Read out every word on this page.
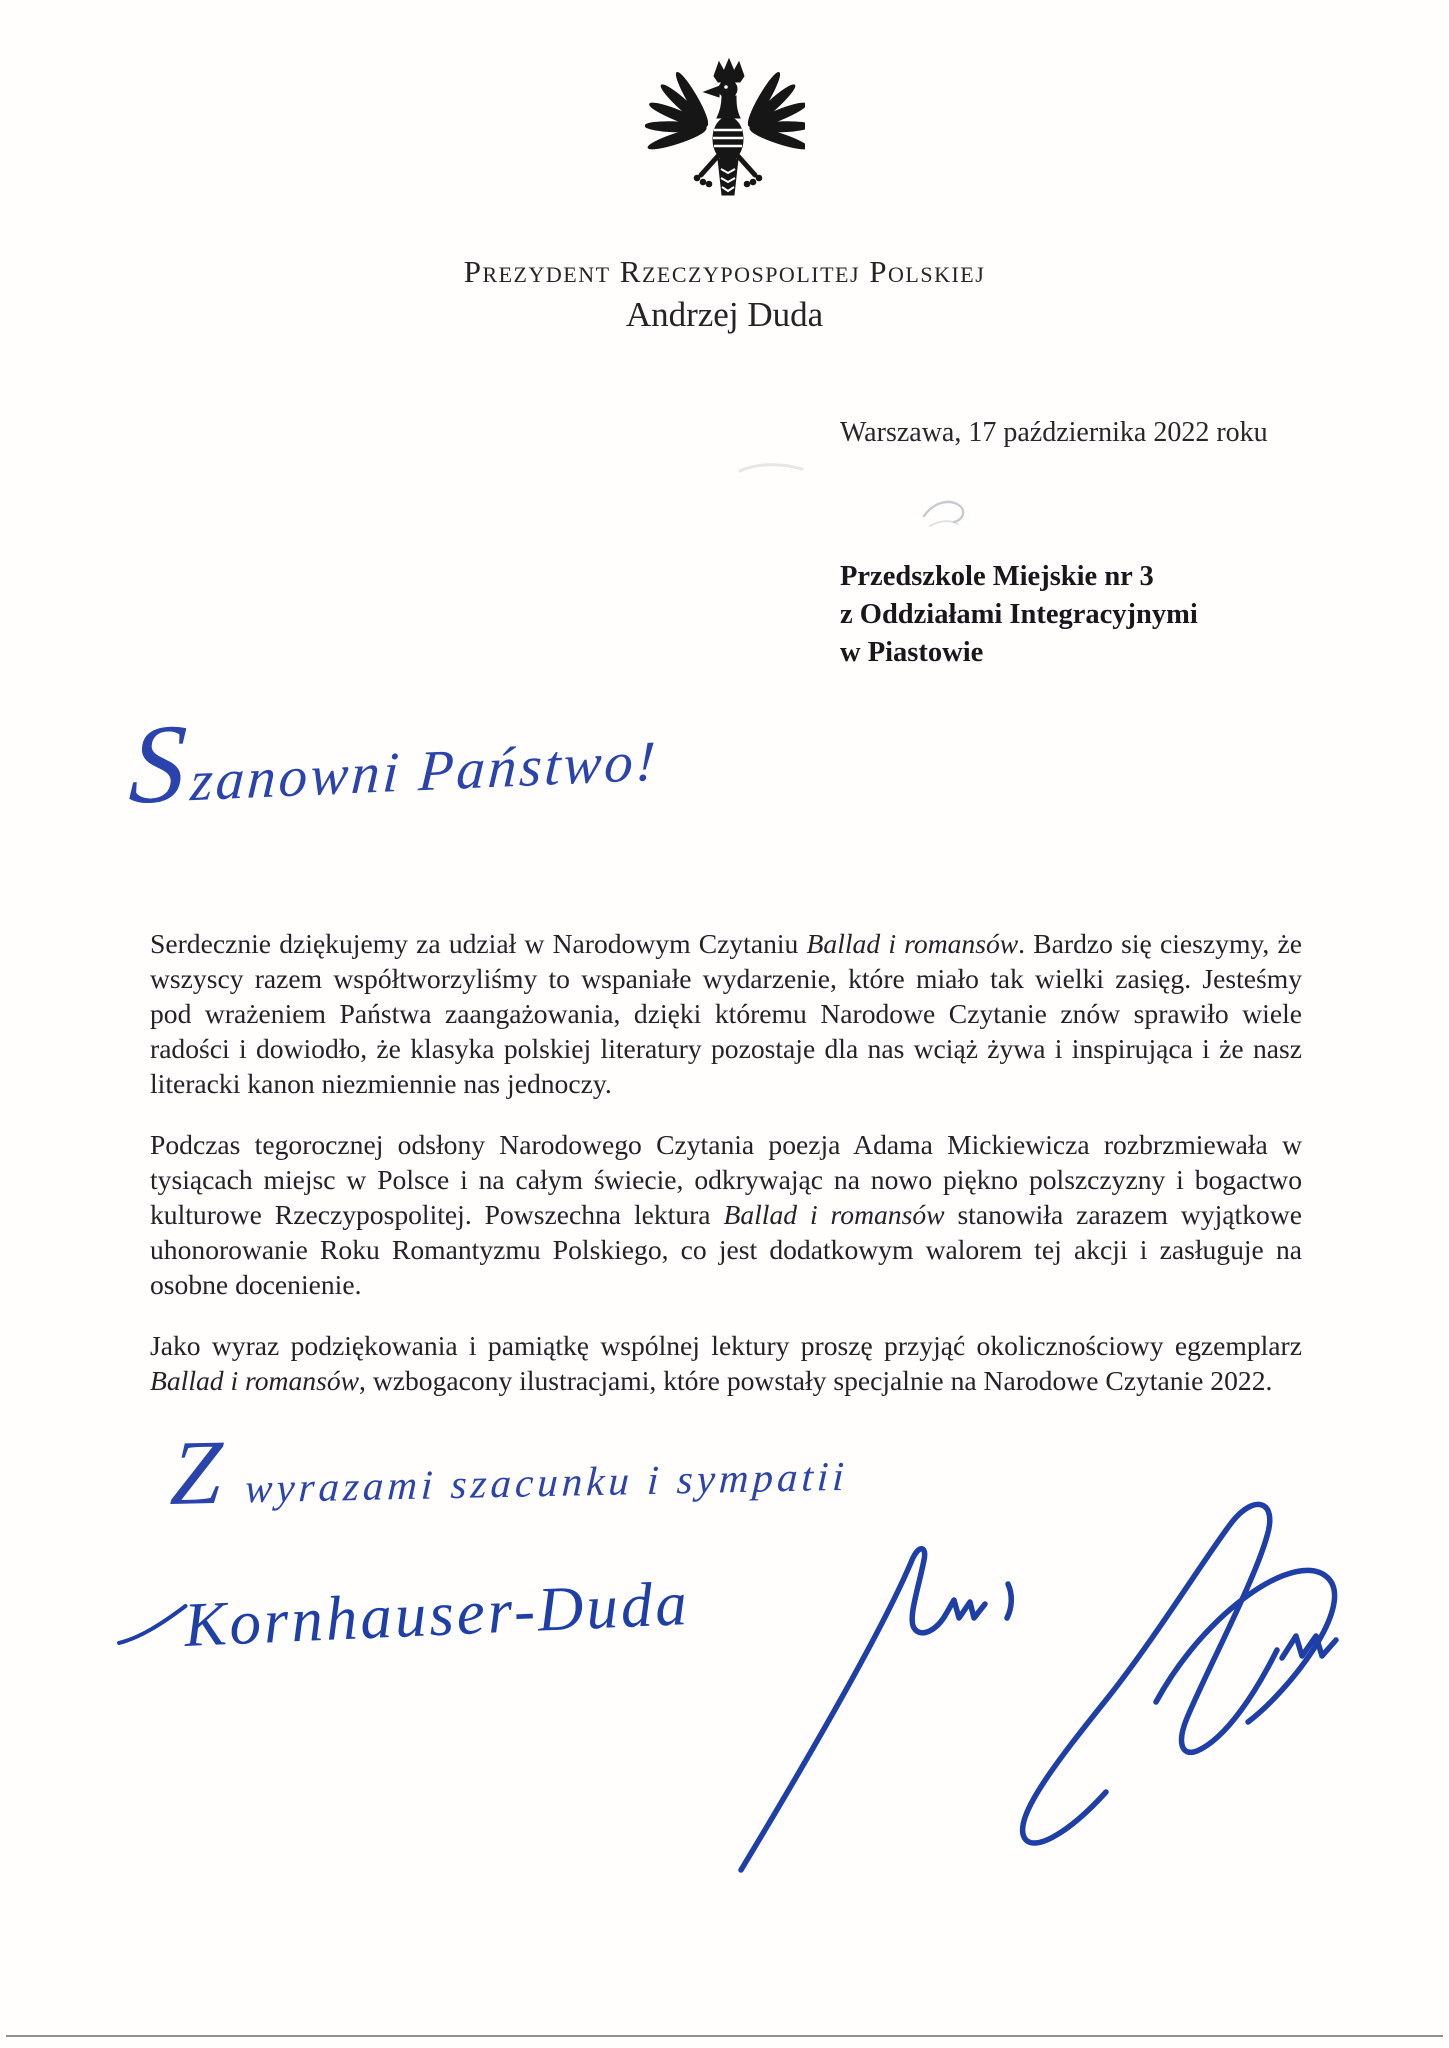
Prezydent Rzeczypospolitej Polskiej
Andrzej Duda
Warszawa, 17 października 2022 roku
Przedszkole Miejskie nr 3
z Oddziałami Integracyjnymi
w Piastowie
Szanowni Państwo!

Serdecznie dziękujemy za udział w Narodowym Czytaniu Ballad i romansów. Bardzo się cieszymy, że wszyscy razem współtworzyliśmy to wspaniałe wydarzenie, które miało tak wielki zasięg. Jesteśmy pod wrażeniem Państwa zaangażowania, dzięki któremu Narodowe Czytanie znów sprawiło wiele radości i dowiodło, że klasyka polskiej literatury pozostaje dla nas wciąż żywa i inspirująca i że nasz literacki kanon niezmiennie nas jednoczy.

Podczas tegorocznej odsłony Narodowego Czytania poezja Adama Mickiewicza rozbrzmiewała w tysiącach miejsc w Polsce i na całym świecie, odkrywając na nowo piękno polszczyzny i bogactwo kulturowe Rzeczypospolitej. Powszechna lektura Ballad i romansów stanowiła zarazem wyjątkowe uhonorowanie Roku Romantyzmu Polskiego, co jest dodatkowym walorem tej akcji i zasługuje na osobne docenienie.

Jako wyraz podziękowania i pamiątkę wspólnej lektury proszę przyjąć okolicznościowy egzemplarz Ballad i romansów, wzbogacony ilustracjami, które powstały specjalnie na Narodowe Czytanie 2022.

Z wyrazami szacunku i sympatii
Kornhauser-Duda
